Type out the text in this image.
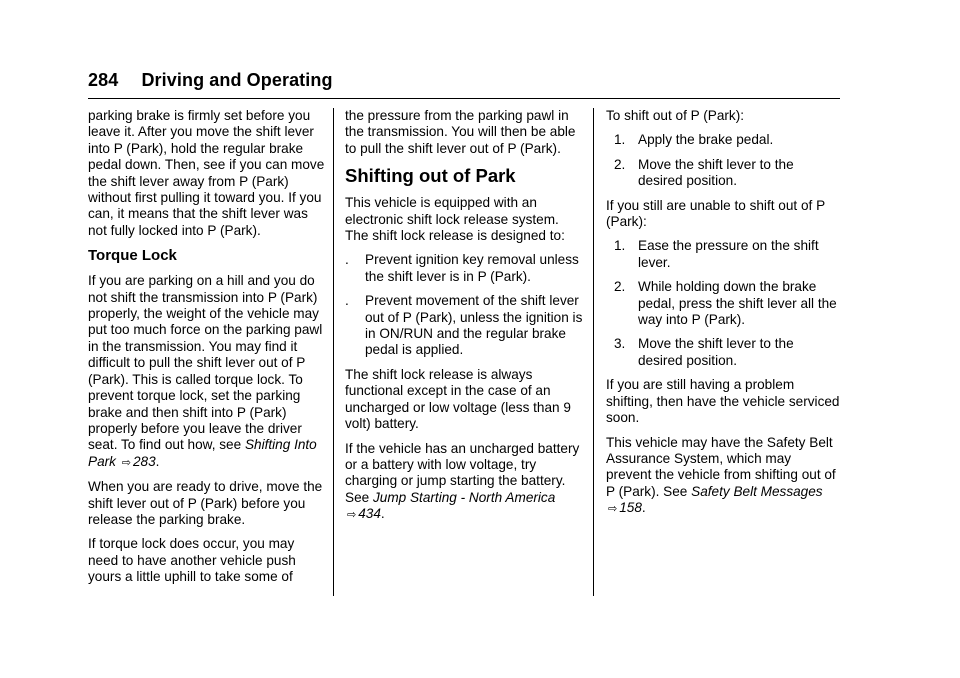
284 Driving and Operating

parking brake is firmly set before you leave it. After you move the shift lever into P (Park), hold the regular brake pedal down. Then, see if you can move the shift lever away from P (Park) without first pulling it toward you. If you can, it means that the shift lever was not fully locked into P (Park).

Torque Lock

If you are parking on a hill and you do not shift the transmission into P (Park) properly, the weight of the vehicle may put too much force on the parking pawl in the transmission. You may find it difficult to pull the shift lever out of P (Park). This is called torque lock. To prevent torque lock, set the parking brake and then shift into P (Park) properly before you leave the driver seat. To find out how, see Shifting Into Park ⇨ 283.

When you are ready to drive, move the shift lever out of P (Park) before you release the parking brake.

If torque lock does occur, you may need to have another vehicle push yours a little uphill to take some of

the pressure from the parking pawl in the transmission. You will then be able to pull the shift lever out of P (Park).

Shifting out of Park

This vehicle is equipped with an electronic shift lock release system. The shift lock release is designed to:

.	Prevent ignition key removal unless the shift lever is in P (Park).
.	Prevent movement of the shift lever out of P (Park), unless the ignition is in ON/RUN and the regular brake pedal is applied.

The shift lock release is always functional except in the case of an uncharged or low voltage (less than 9 volt) battery.

If the vehicle has an uncharged battery or a battery with low voltage, try charging or jump starting the battery. See Jump Starting - North America ⇨ 434.

To shift out of P (Park):

1. Apply the brake pedal.
2. Move the shift lever to the desired position.

If you still are unable to shift out of P (Park):

1. Ease the pressure on the shift lever.
2. While holding down the brake pedal, press the shift lever all the way into P (Park).
3. Move the shift lever to the desired position.

If you are still having a problem shifting, then have the vehicle serviced soon.

This vehicle may have the Safety Belt Assurance System, which may prevent the vehicle from shifting out of P (Park). See Safety Belt Messages ⇨ 158.
